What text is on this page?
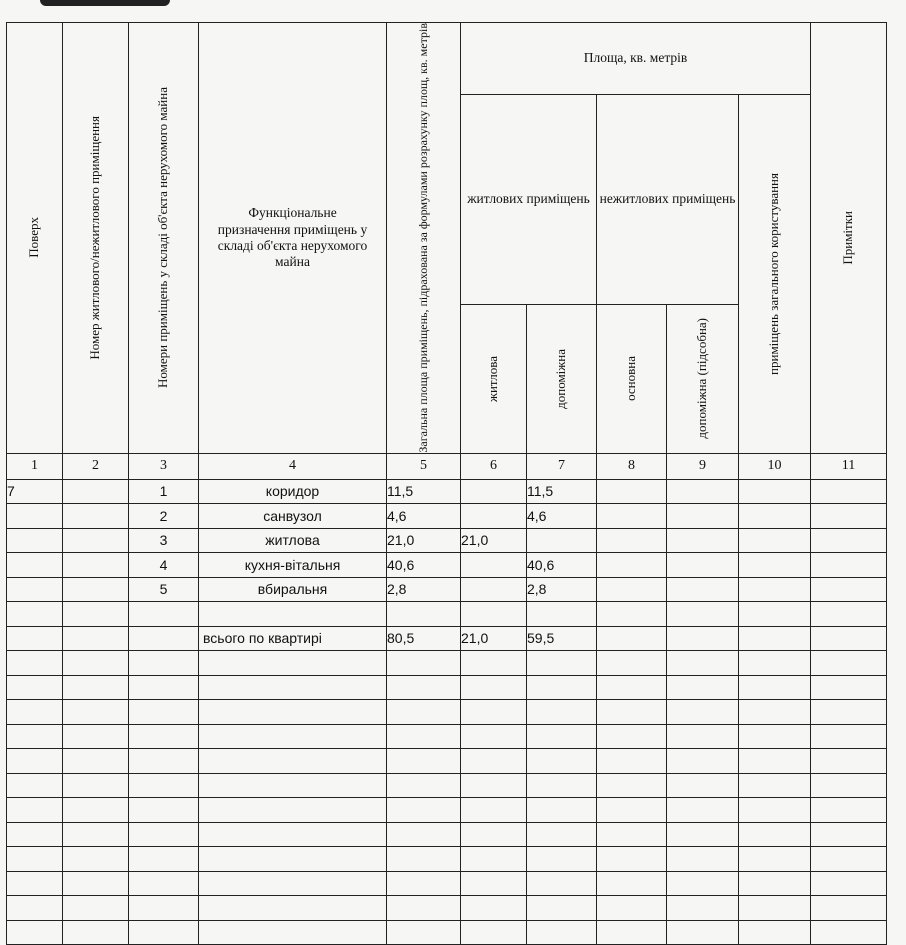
Поверх	Номер житлового/нежитлового приміщення	Номери приміщень у складі об'єкта нерухомого майна	Функціональне призначення приміщень у складі об'єкта нерухомого майна	Загальна площа приміщень, підрахована за формулами розрахунку площ, кв. метрів	Площа, кв. метрів					Примітки

					житлових приміщень		нежитлових приміщень		приміщень загального користування	

					житлова	допоміжна	основна	допоміжна (підсобна)		

1	2	3	4	5	6	7	8	9	10	11
7		1	коридор	11,5		11,5				
		2	санвузол	4,6		4,6				
		3	житлова	21,0	21,0					
		4	кухня-вітальня	40,6		40,6				
		5	вбиральня	2,8		2,8				

			всього по квартирі	80,5	21,0	59,5				
